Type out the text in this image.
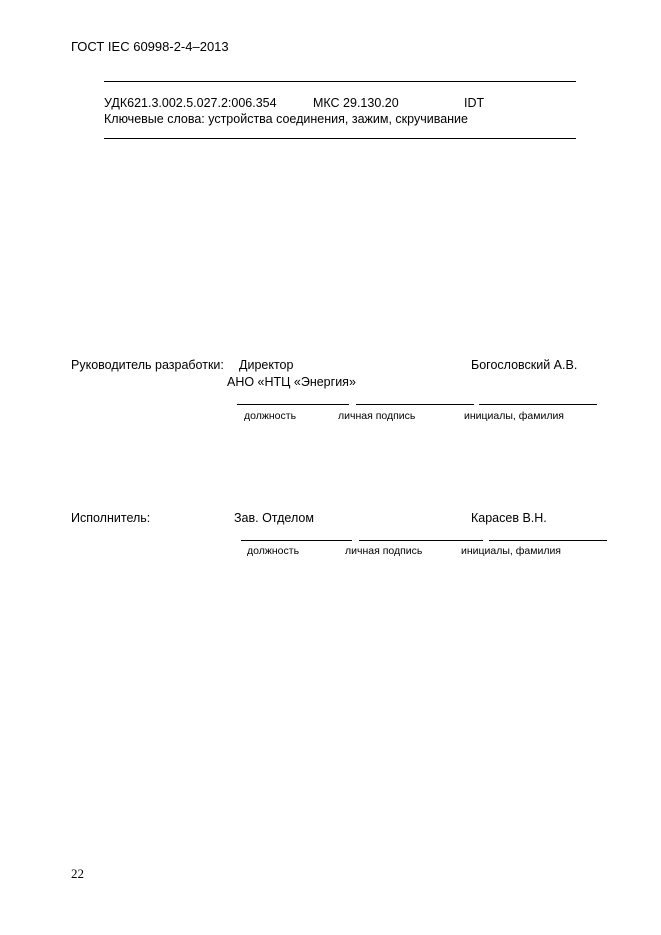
ГОСТ IEC 60998-2-4–2013
УДК621.3.002.5.027.2:006.354	МКС 29.130.20	IDT
Ключевые слова: устройства соединения, зажим, скручивание
Руководитель разработки: Директор	Богословский А.В.
АНО «НТЦ «Энергия»
должность	личная подпись	инициалы, фамилия
Исполнитель:	Зав. Отделом	Карасев В.Н.
должность	личная подпись	инициалы, фамилия
22
